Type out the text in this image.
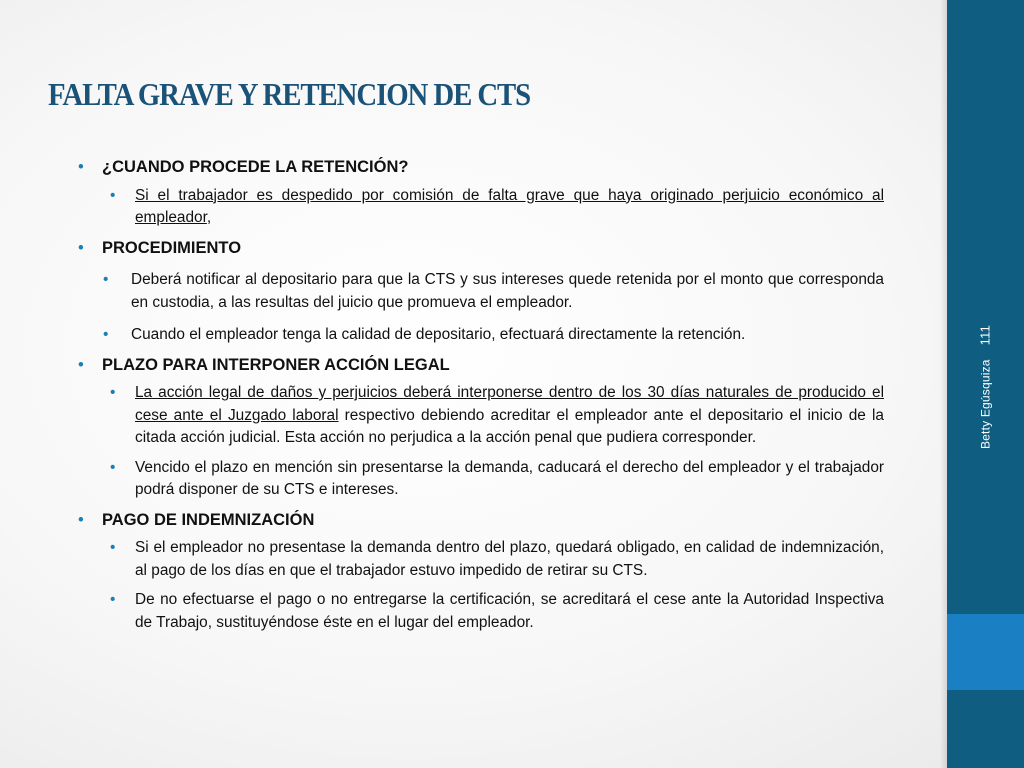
Betty Egúsquiza111
FALTA GRAVE Y RETENCION DE CTS

• ¿CUANDO PROCEDE LA RETENCIÓN?

• Si el trabajador es despedido por comisión de falta grave que haya originado perjuicio económico al empleador,

• PROCEDIMIENTO

• Deberá notificar al depositario para que la CTS y sus intereses quede retenida por el monto que corresponda en custodia, a las resultas del juicio que promueva el empleador.

• Cuando el empleador tenga la calidad de depositario, efectuará directamente la retención.

• PLAZO PARA INTERPONER ACCIÓN LEGAL

• La acción legal de daños y perjuicios deberá interponerse dentro de los 30 días naturales de producido el cese ante el Juzgado laboral respectivo debiendo acreditar el empleador ante el depositario el inicio de la citada acción judicial. Esta acción no perjudica a la acción penal que pudiera corresponder.

• Vencido el plazo en mención sin presentarse la demanda, caducará el derecho del empleador y el trabajador podrá disponer de su CTS e intereses.

• PAGO DE INDEMNIZACIÓN

• Si el empleador no presentase la demanda dentro del plazo, quedará obligado, en calidad de indemnización, al pago de los días en que el trabajador estuvo impedido de retirar su CTS.

• De no efectuarse el pago o no entregarse la certificación, se acreditará el cese ante la Autoridad Inspectiva de Trabajo, sustituyéndose éste en el lugar del empleador.
